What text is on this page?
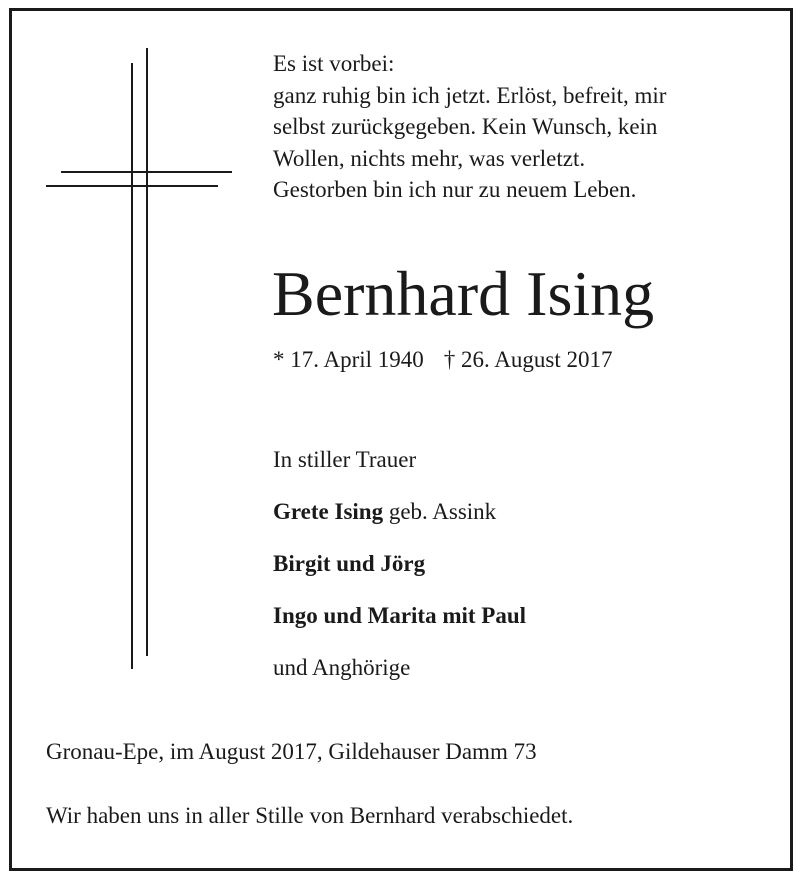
Es ist vorbei:
ganz ruhig bin ich jetzt. Erlöst, befreit, mir
selbst zurückgegeben. Kein Wunsch, kein
Wollen, nichts mehr, was verletzt.
Gestorben bin ich nur zu neuem Leben.
Bernhard Ising
* 17. April 1940 † 26. August 2017
In stiller Trauer
Grete Ising geb. Assink
Birgit und Jörg
Ingo und Marita mit Paul
und Anghörige
Gronau-Epe, im August 2017, Gildehauser Damm 73
Wir haben uns in aller Stille von Bernhard verabschiedet.
